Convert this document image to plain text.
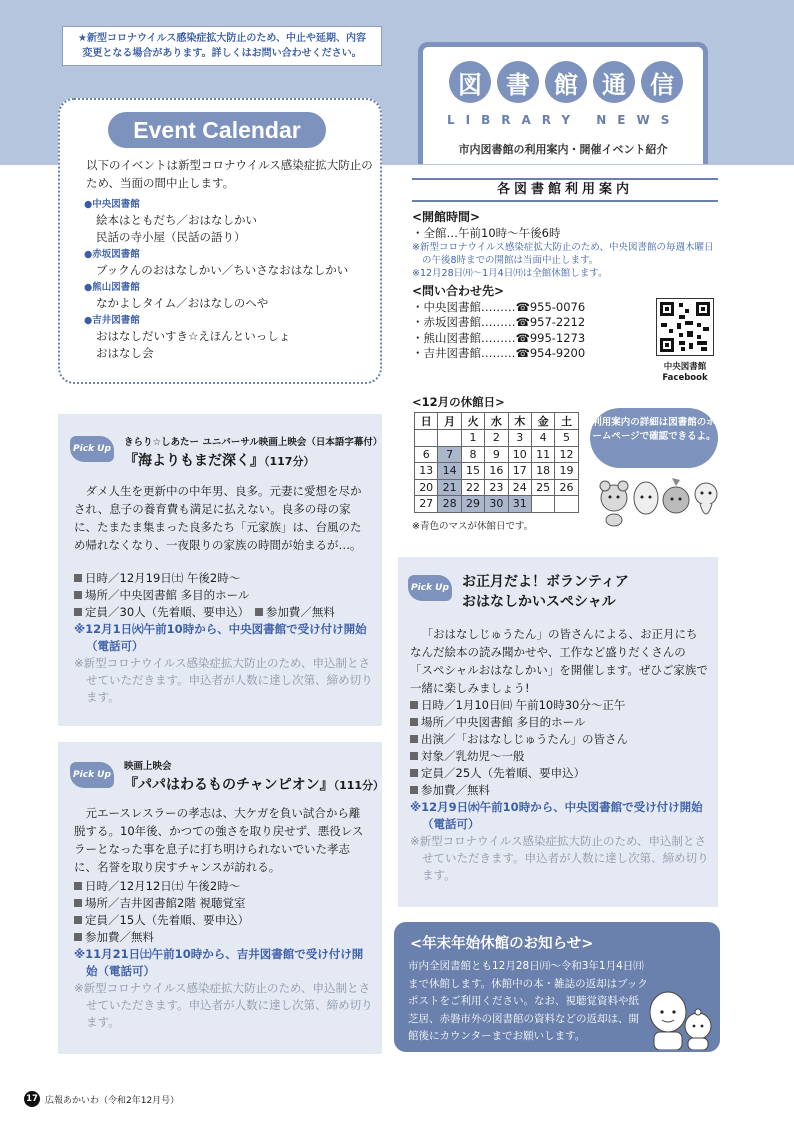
★新型コロナウイルス感染症拡大防止のため、中止や延期、内容
変更となる場合があります。詳しくはお問い合わせください。
図	書	館	通	信
LIBRARY NEWS
市内図書館の利用案内・開催イベント紹介
Event Calendar
以下のイベントは新型コロナウイルス感染症拡大防止のため、当面の間中止します。
●中央図書館
絵本はともだち／おはなしかい
民話の寺小屋（民話の語り）
●赤坂図書館
ブックんのおはなしかい／ちいさなおはなしかい
●熊山図書館
なかよしタイム／おはなしのへや
●吉井図書館
おはなしだいすき☆えほんといっしょ
おはなし会
Pick Up
きらり☆しあたー ユニバーサル映画上映会（日本語字幕付）
『海よりもまだ深く』（117分）
ダメ人生を更新中の中年男、良多。元妻に愛想を尽かされ、息子の養育費も満足に払えない。良多の母の家に、たまたま集まった良多たち「元家族」は、台風のため帰れなくなり、一夜限りの家族の時間が始まるが…。
日時／12月19日㈯ 午後2時～
場所／中央図書館 多目的ホール
定員／30人（先着順、要申込）　 参加費／無料
※12月1日㈫午前10時から、中央図書館で受け付け開始（電話可）
※新型コロナウイルス感染症拡大防止のため、申込制とさせていただきます。申込者が人数に達し次第、締め切ります。
Pick Up
映画上映会
『パパはわるものチャンピオン』（111分）
元エースレスラーの孝志は、大ケガを負い試合から離脱する。10年後、かつての強さを取り戻せず、悪役レスラーとなった事を息子に打ち明けられないでいた孝志に、名誉を取り戻すチャンスが訪れる。
日時／12月12日㈯ 午後2時～
場所／吉井図書館2階 視聴覚室
定員／15人（先着順、要申込）
参加費／無料
※11月21日㈯午前10時から、吉井図書館で受け付け開始（電話可）
※新型コロナウイルス感染症拡大防止のため、申込制とさせていただきます。申込者が人数に達し次第、締め切ります。
各図書館利用案内
<開館時間>
・全館…午前10時～午後6時
※新型コロナウイルス感染症拡大防止のため、中央図書館の毎週木曜日の午後8時までの開館は当面中止します。
※12月28日㈪～1月4日㈪は全館休館します。
<問い合わせ先>
・中央図書館………☎955-0076
・赤坂図書館………☎957-2212
・熊山図書館………☎995-1273
・吉井図書館………☎954-9200
中央図書館
Facebook
<12月の休館日>
日	月	火	水	木	金	土
		1	2	3	4	5
6	7	8	9	10	11	12
13	14	15	16	17	18	19
20	21	22	23	24	25	26
27	28	29	30	31		
※青色のマスが休館日です。
利用案内の詳細は図書館のホームページで確認できるよ。
Pick Up お正月だよ！ボランティア
おはなしかいスペシャル
「おはなしじゅうたん」の皆さんによる、お正月にちなんだ絵本の読み聞かせや、工作など盛りだくさんの「スペシャルおはなしかい」を開催します。ぜひご家族で一緒に楽しみましょう!
日時／1月10日㈰ 午前10時30分～正午
場所／中央図書館 多目的ホール
出演／「おはなしじゅうたん」の皆さん
対象／乳幼児～一般
定員／25人（先着順、要申込）
参加費／無料
※12月9日㈬午前10時から、中央図書館で受け付け開始（電話可）
※新型コロナウイルス感染症拡大防止のため、申込制とさせていただきます。申込者が人数に達し次第、締め切ります。
<年末年始休館のお知らせ>
市内全図書館とも12月28日㈪～令和3年1月4日㈪まで休館します。休館中の本・雑誌の返却はブックポストをご利用ください。なお、視聴覚資料や紙芝居、赤磐市外の図書館の資料などの返却は、開館後にカウンターまでお願いします。
17 広報あかいわ（令和2年12月号）
